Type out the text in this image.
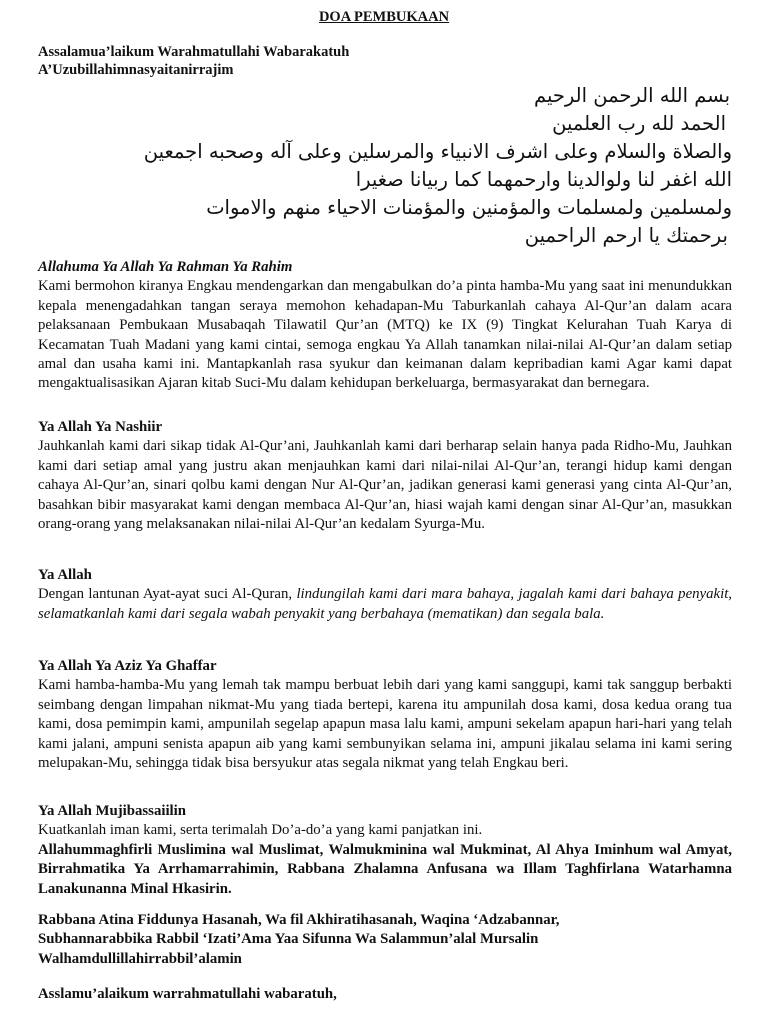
DOA PEMBUKAAN
Assalamua’laikum Warahmatullahi Wabarakatuh
A’Uzubillahimnasyaitanirrajim
بسم الله الرحمن الرحيم
الحمد لله رب العلمين
والصلاة والسلام وعلى اشرف الانبياء والمرسلين وعلى آله وصحبه اجمعين
الله اغفر لنا ولوالدينا وارحمهما كما ربيانا صغيرا
ولمسلمين ولمسلمات والمؤمنين والمؤمنات الاحياء منهم والاموات
برحمتك يا ارحم الراحمين
Allahuma Ya Allah Ya Rahman Ya Rahim
Kami bermohon kiranya Engkau mendengarkan dan mengabulkan do’a pinta hamba-Mu yang saat ini menundukkan kepala menengadahkan tangan seraya memohon kehadapan-Mu Taburkanlah cahaya Al-Qur’an dalam acara pelaksanaan Pembukaan Musabaqah Tilawatil Qur’an (MTQ) ke IX (9) Tingkat Kelurahan Tuah Karya di Kecamatan Tuah Madani yang kami cintai, semoga engkau Ya Allah tanamkan nilai-nilai Al-Qur’an dalam setiap amal dan usaha kami ini. Mantapkanlah rasa syukur dan keimanan dalam kepribadian kami Agar kami dapat mengaktualisasikan Ajaran kitab Suci-Mu dalam kehidupan berkeluarga, bermasyarakat dan bernegara.
Ya Allah Ya Nashiir
Jauhkanlah kami dari sikap tidak Al-Qur’ani, Jauhkanlah kami dari berharap selain hanya pada Ridho-Mu, Jauhkan kami dari setiap amal yang justru akan menjauhkan kami dari nilai-nilai Al-Qur’an, terangi hidup kami dengan cahaya Al-Qur’an, sinari qolbu kami dengan Nur Al-Qur’an, jadikan generasi kami generasi yang cinta Al-Qur’an, basahkan bibir masyarakat kami dengan membaca Al-Qur’an, hiasi wajah kami dengan sinar Al-Qur’an, masukkan orang-orang yang melaksanakan nilai-nilai Al-Qur’an kedalam Syurga-Mu.
Ya Allah
Dengan lantunan Ayat-ayat suci Al-Quran, lindungilah kami dari mara bahaya, jagalah kami dari bahaya penyakit, selamatkanlah kami dari segala wabah penyakit yang berbahaya (mematikan) dan segala bala.
Ya Allah Ya Aziz Ya Ghaffar
Kami hamba-hamba-Mu yang lemah tak mampu berbuat lebih dari yang kami sanggupi, kami tak sanggup berbakti seimbang dengan limpahan nikmat-Mu yang tiada bertepi, karena itu ampunilah dosa kami, dosa kedua orang tua kami, dosa pemimpin kami, ampunilah segelap apapun masa lalu kami, ampuni sekelam apapun hari-hari yang telah kami jalani, ampuni senista apapun aib yang kami sembunyikan selama ini, ampuni jikalau selama ini kami sering melupakan-Mu, sehingga tidak bisa bersyukur atas segala nikmat yang telah Engkau beri.
Ya Allah Mujibassaiilin
Kuatkanlah iman kami, serta terimalah Do’a-do’a yang kami panjatkan ini.
Allahummaghfirli Muslimina wal Muslimat, Walmukminina wal Mukminat, Al Ahya Iminhum wal Amyat, Birrahmatika Ya Arrhamarrahimin, Rabbana Zhalamna Anfusana wa Illam Taghfirlana Watarhamna Lanakunanna Minal Hkasirin.
Rabbana Atina Fiddunya Hasanah, Wa fil Akhiratihasanah, Waqina ‘Adzabannar,
Subhannarabbika Rabbil ‘Izati’Ama Yaa Sifunna Wa Salammun’alal Mursalin
Walhamdullillahirrabbil’alamin
Asslamu’alaikum warrahmatullahi wabaratuh,
